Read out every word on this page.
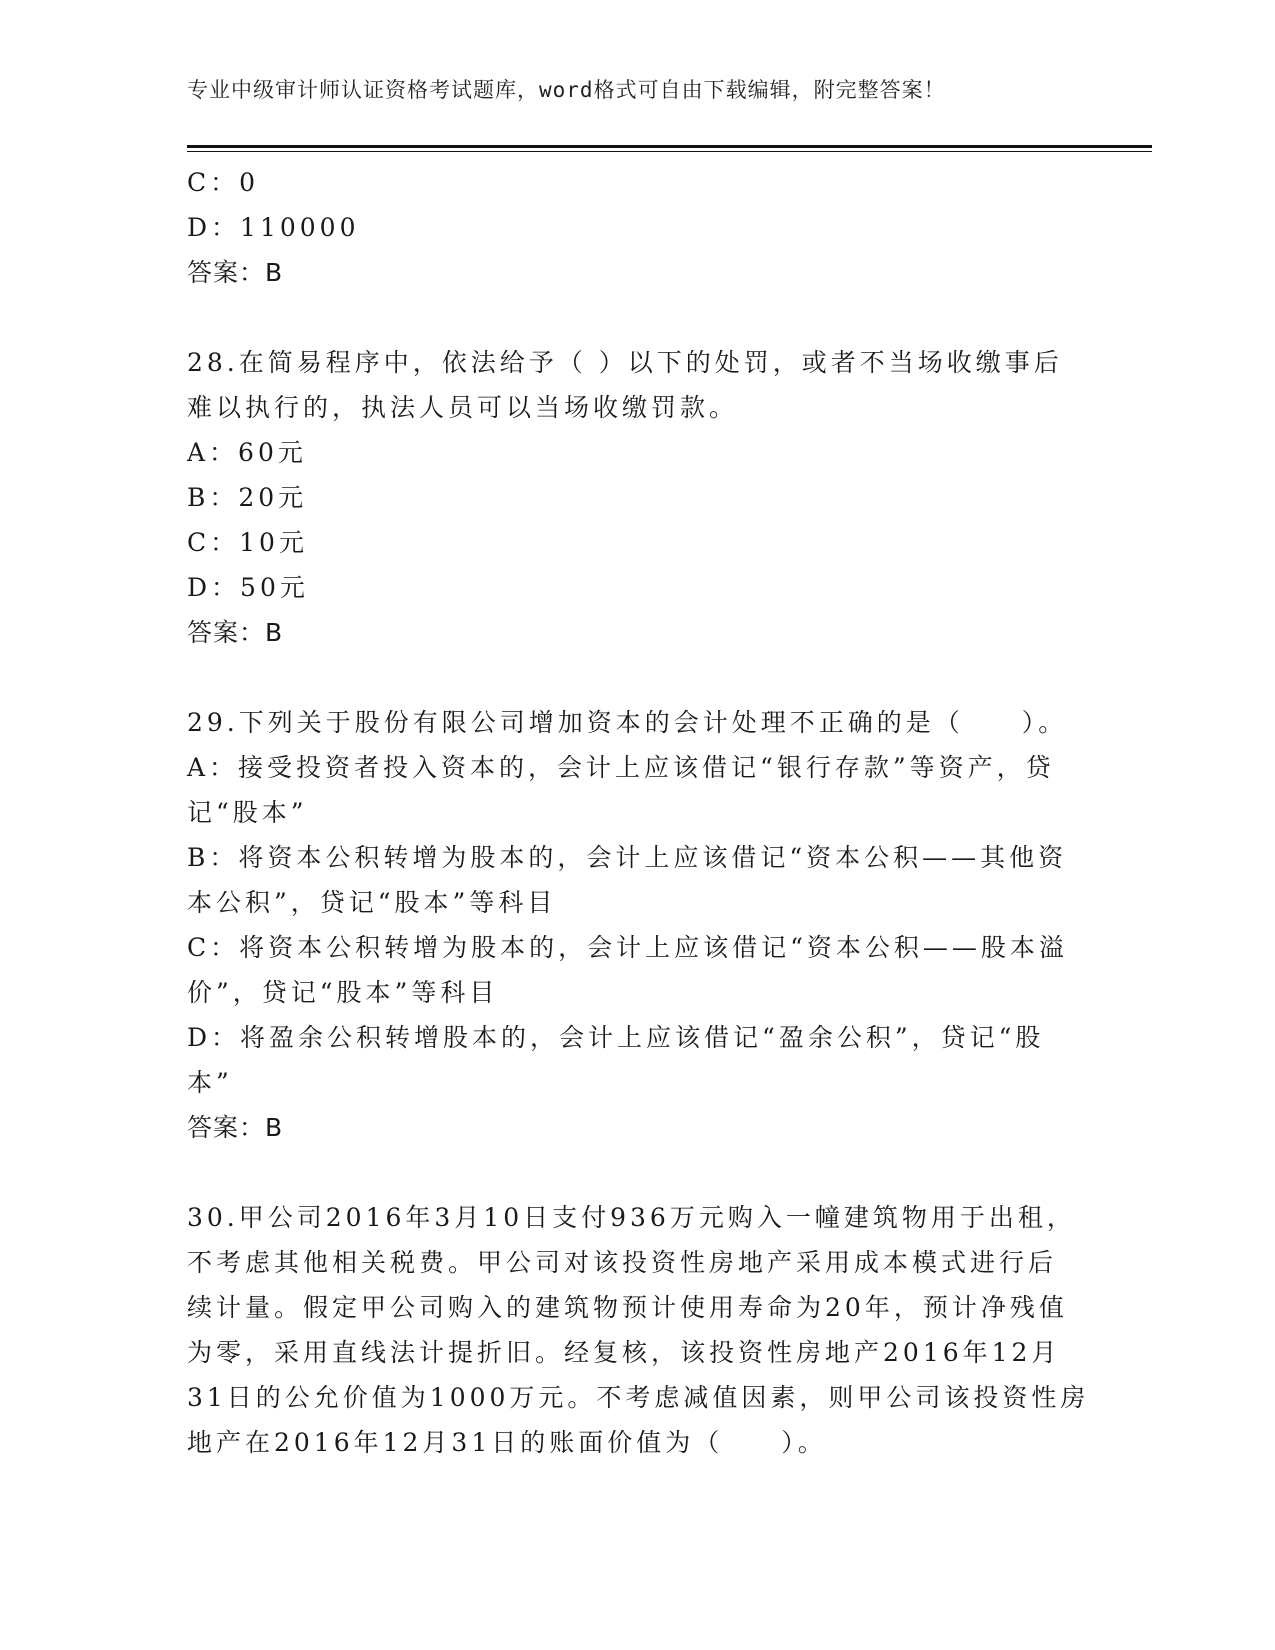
专业中级审计师认证资格考试题库，word格式可自由下载编辑，附完整答案！
C：0
D：110000
答案：B
28.在简易程序中，依法给予（ ）以下的处罚，或者不当场收缴事后
难以执行的，执法人员可以当场收缴罚款。
A：60元
B：20元
C：10元
D：50元
答案：B
29.下列关于股份有限公司增加资本的会计处理不正确的是（　　）。
A：接受投资者投入资本的，会计上应该借记“银行存款”等资产，贷
记“股本”
B：将资本公积转增为股本的，会计上应该借记“资本公积——其他资
本公积”，贷记“股本”等科目
C：将资本公积转增为股本的，会计上应该借记“资本公积——股本溢
价”，贷记“股本”等科目
D：将盈余公积转增股本的，会计上应该借记“盈余公积”，贷记“股
本”
答案：B
30.甲公司2016年3月10日支付936万元购入一幢建筑物用于出租，
不考虑其他相关税费。甲公司对该投资性房地产采用成本模式进行后
续计量。假定甲公司购入的建筑物预计使用寿命为20年，预计净残值
为零，采用直线法计提折旧。经复核，该投资性房地产2016年12月
31日的公允价值为1000万元。不考虑减值因素，则甲公司该投资性房
地产在2016年12月31日的账面价值为（　　）。
